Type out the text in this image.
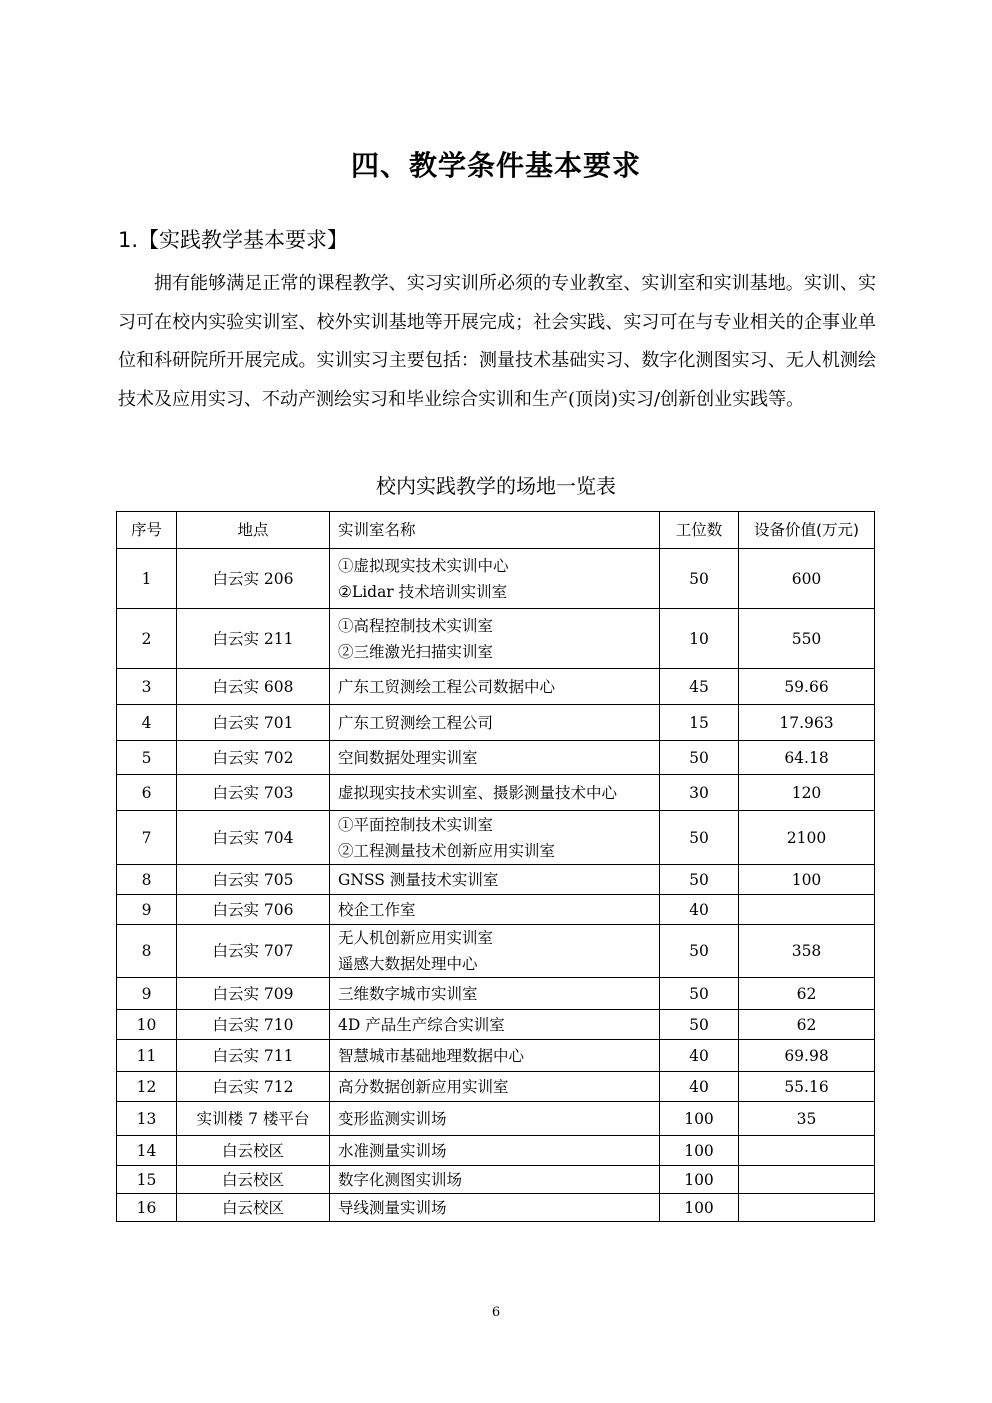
四、教学条件基本要求
1.【实践教学基本要求】

拥有能够满足正常的课程教学、实习实训所必须的专业教室、实训室和实训基地。实训、实习可在校内实验实训室、校外实训基地等开展完成；社会实践、实习可在与专业相关的企事业单位和科研院所开展完成。实训实习主要包括：测量技术基础实习、数字化测图实习、无人机测绘技术及应用实习、不动产测绘实习和毕业综合实训和生产(顶岗)实习/创新创业实践等。

校内实践教学的场地一览表
序号	地点	实训室名称	工位数	设备价值(万元)
1	白云实 206	①虚拟现实技术实训中心
②Lidar 技术培训实训室	50	600
2	白云实 211	①高程控制技术实训室
②三维激光扫描实训室	10	550
3	白云实 608	广东工贸测绘工程公司数据中心	45	59.66
4	白云实 701	广东工贸测绘工程公司	15	17.963
5	白云实 702	空间数据处理实训室	50	64.18
6	白云实 703	虚拟现实技术实训室、摄影测量技术中心	30	120
7	白云实 704	①平面控制技术实训室
②工程测量技术创新应用实训室	50	2100
8	白云实 705	GNSS 测量技术实训室	50	100
9	白云实 706	校企工作室	40	
8	白云实 707	无人机创新应用实训室
遥感大数据处理中心	50	358
9	白云实 709	三维数字城市实训室	50	62
10	白云实 710	4D 产品生产综合实训室	50	62
11	白云实 711	智慧城市基础地理数据中心	40	69.98
12	白云实 712	高分数据创新应用实训室	40	55.16
13	实训楼 7 楼平台	变形监测实训场	100	35
14	白云校区	水准测量实训场	100	
15	白云校区	数字化测图实训场	100	
16	白云校区	导线测量实训场	100	
6
